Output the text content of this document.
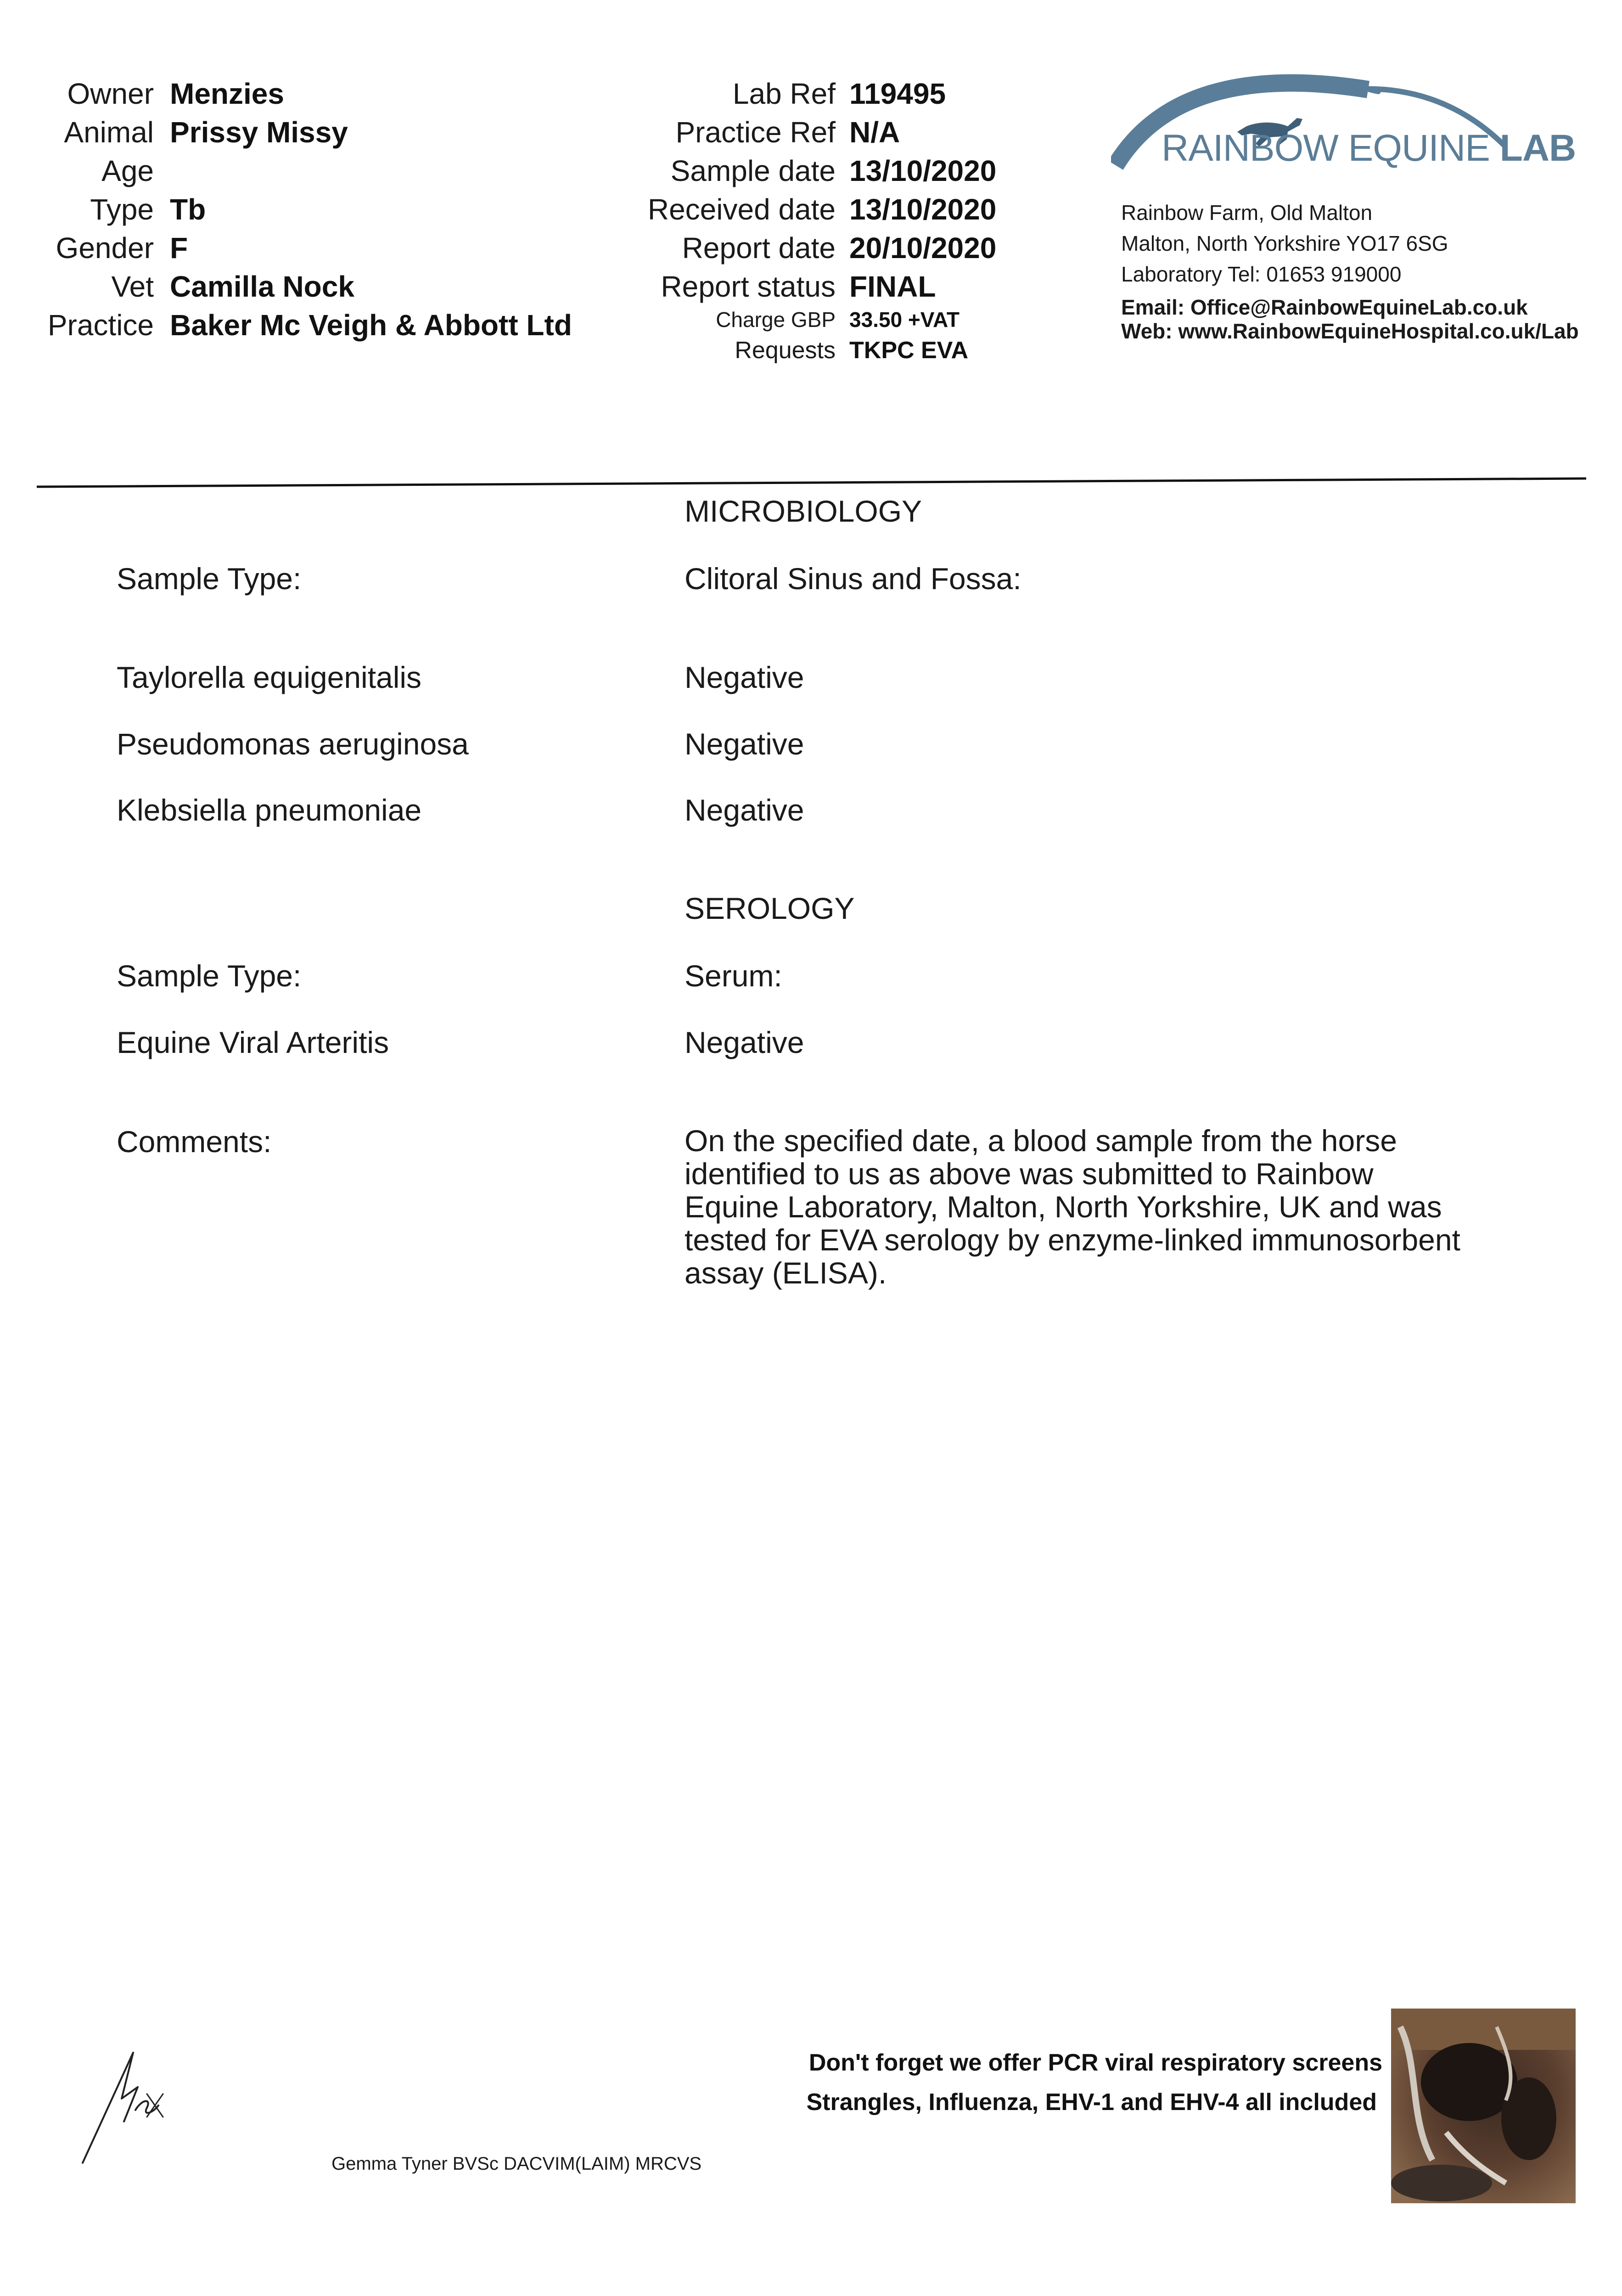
Owner Menzies
Animal Prissy Missy
Age
Type Tb
Gender F
Vet Camilla Nock
Practice Baker Mc Veigh & Abbott Ltd
Lab Ref 119495
Practice Ref N/A
Sample date 13/10/2020
Received date 13/10/2020
Report date 20/10/2020
Report status FINAL
Charge GBP 33.50 +VAT
Requests TKPC EVA
RAINBOW EQUINE LAB
Rainbow Farm, Old Malton
Malton, North Yorkshire YO17 6SG
Laboratory Tel: 01653 919000
Email: Office@RainbowEquineLab.co.uk
Web: www.RainbowEquineHospital.co.uk/Lab
MICROBIOLOGY
Sample Type:	Clitoral Sinus and Fossa:
Taylorella equigenitalis	Negative
Pseudomonas aeruginosa	Negative
Klebsiella pneumoniae	Negative
SEROLOGY
Sample Type:	Serum:
Equine Viral Arteritis	Negative
Comments:	On the specified date, a blood sample from the horse identified to us as above was submitted to Rainbow Equine Laboratory, Malton, North Yorkshire, UK and was tested for EVA serology by enzyme-linked immunosorbent assay (ELISA).
Gemma Tyner BVSc DACVIM(LAIM) MRCVS
Don't forget we offer PCR viral respiratory screens
Strangles, Influenza, EHV-1 and EHV-4 all included
